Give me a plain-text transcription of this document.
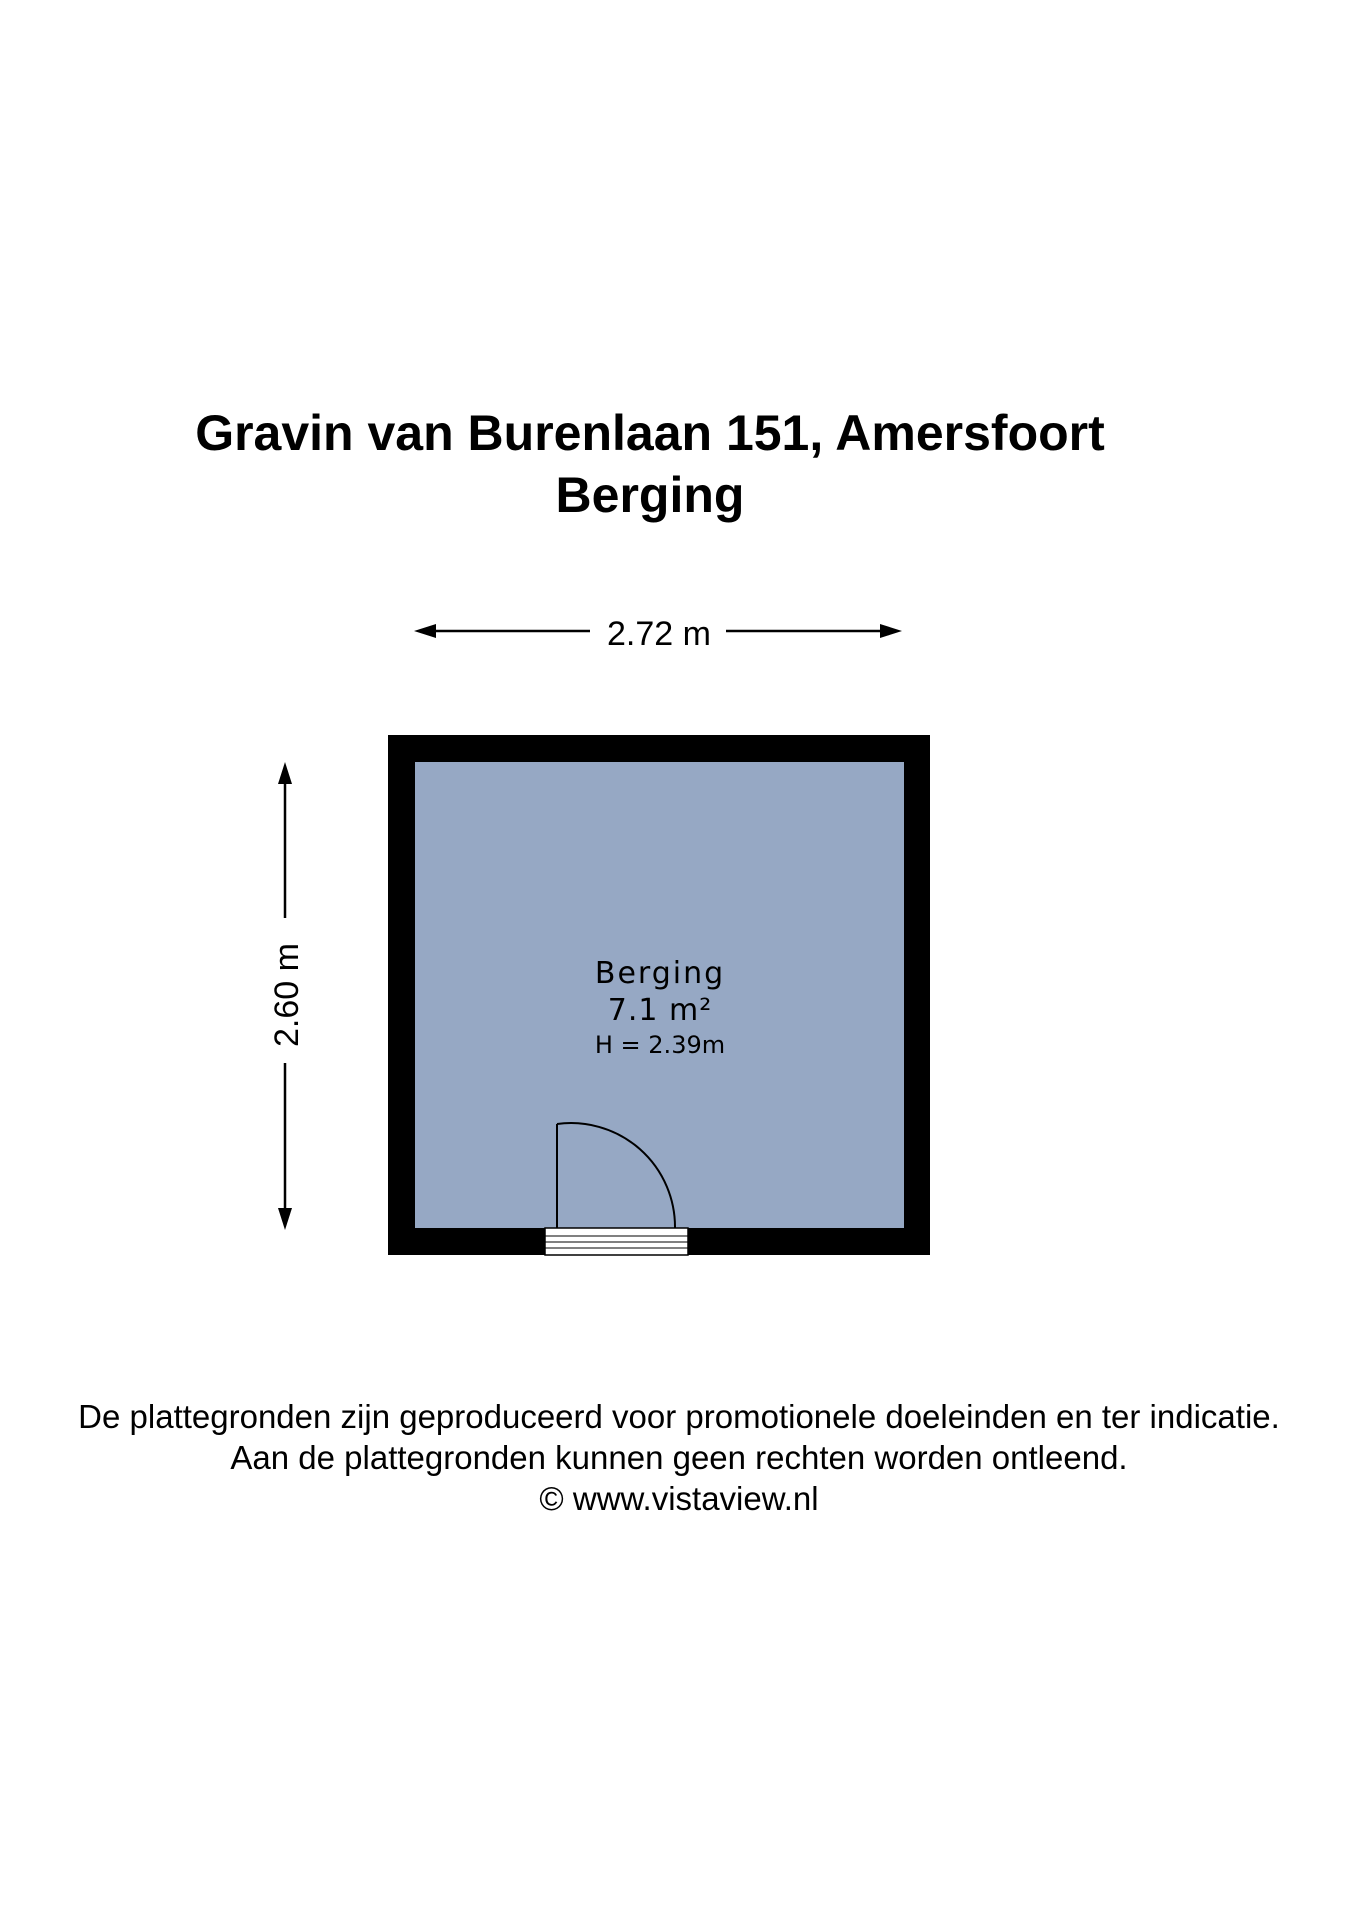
Gravin van Burenlaan 151, Amersfoort
Berging
2.72 m
2.60 m	Berging
7.1 m²
H = 2.39m
De plattegronden zijn geproduceerd voor promotionele doeleinden en ter indicatie.
Aan de plattegronden kunnen geen rechten worden ontleend.
© www.vistaview.nl
